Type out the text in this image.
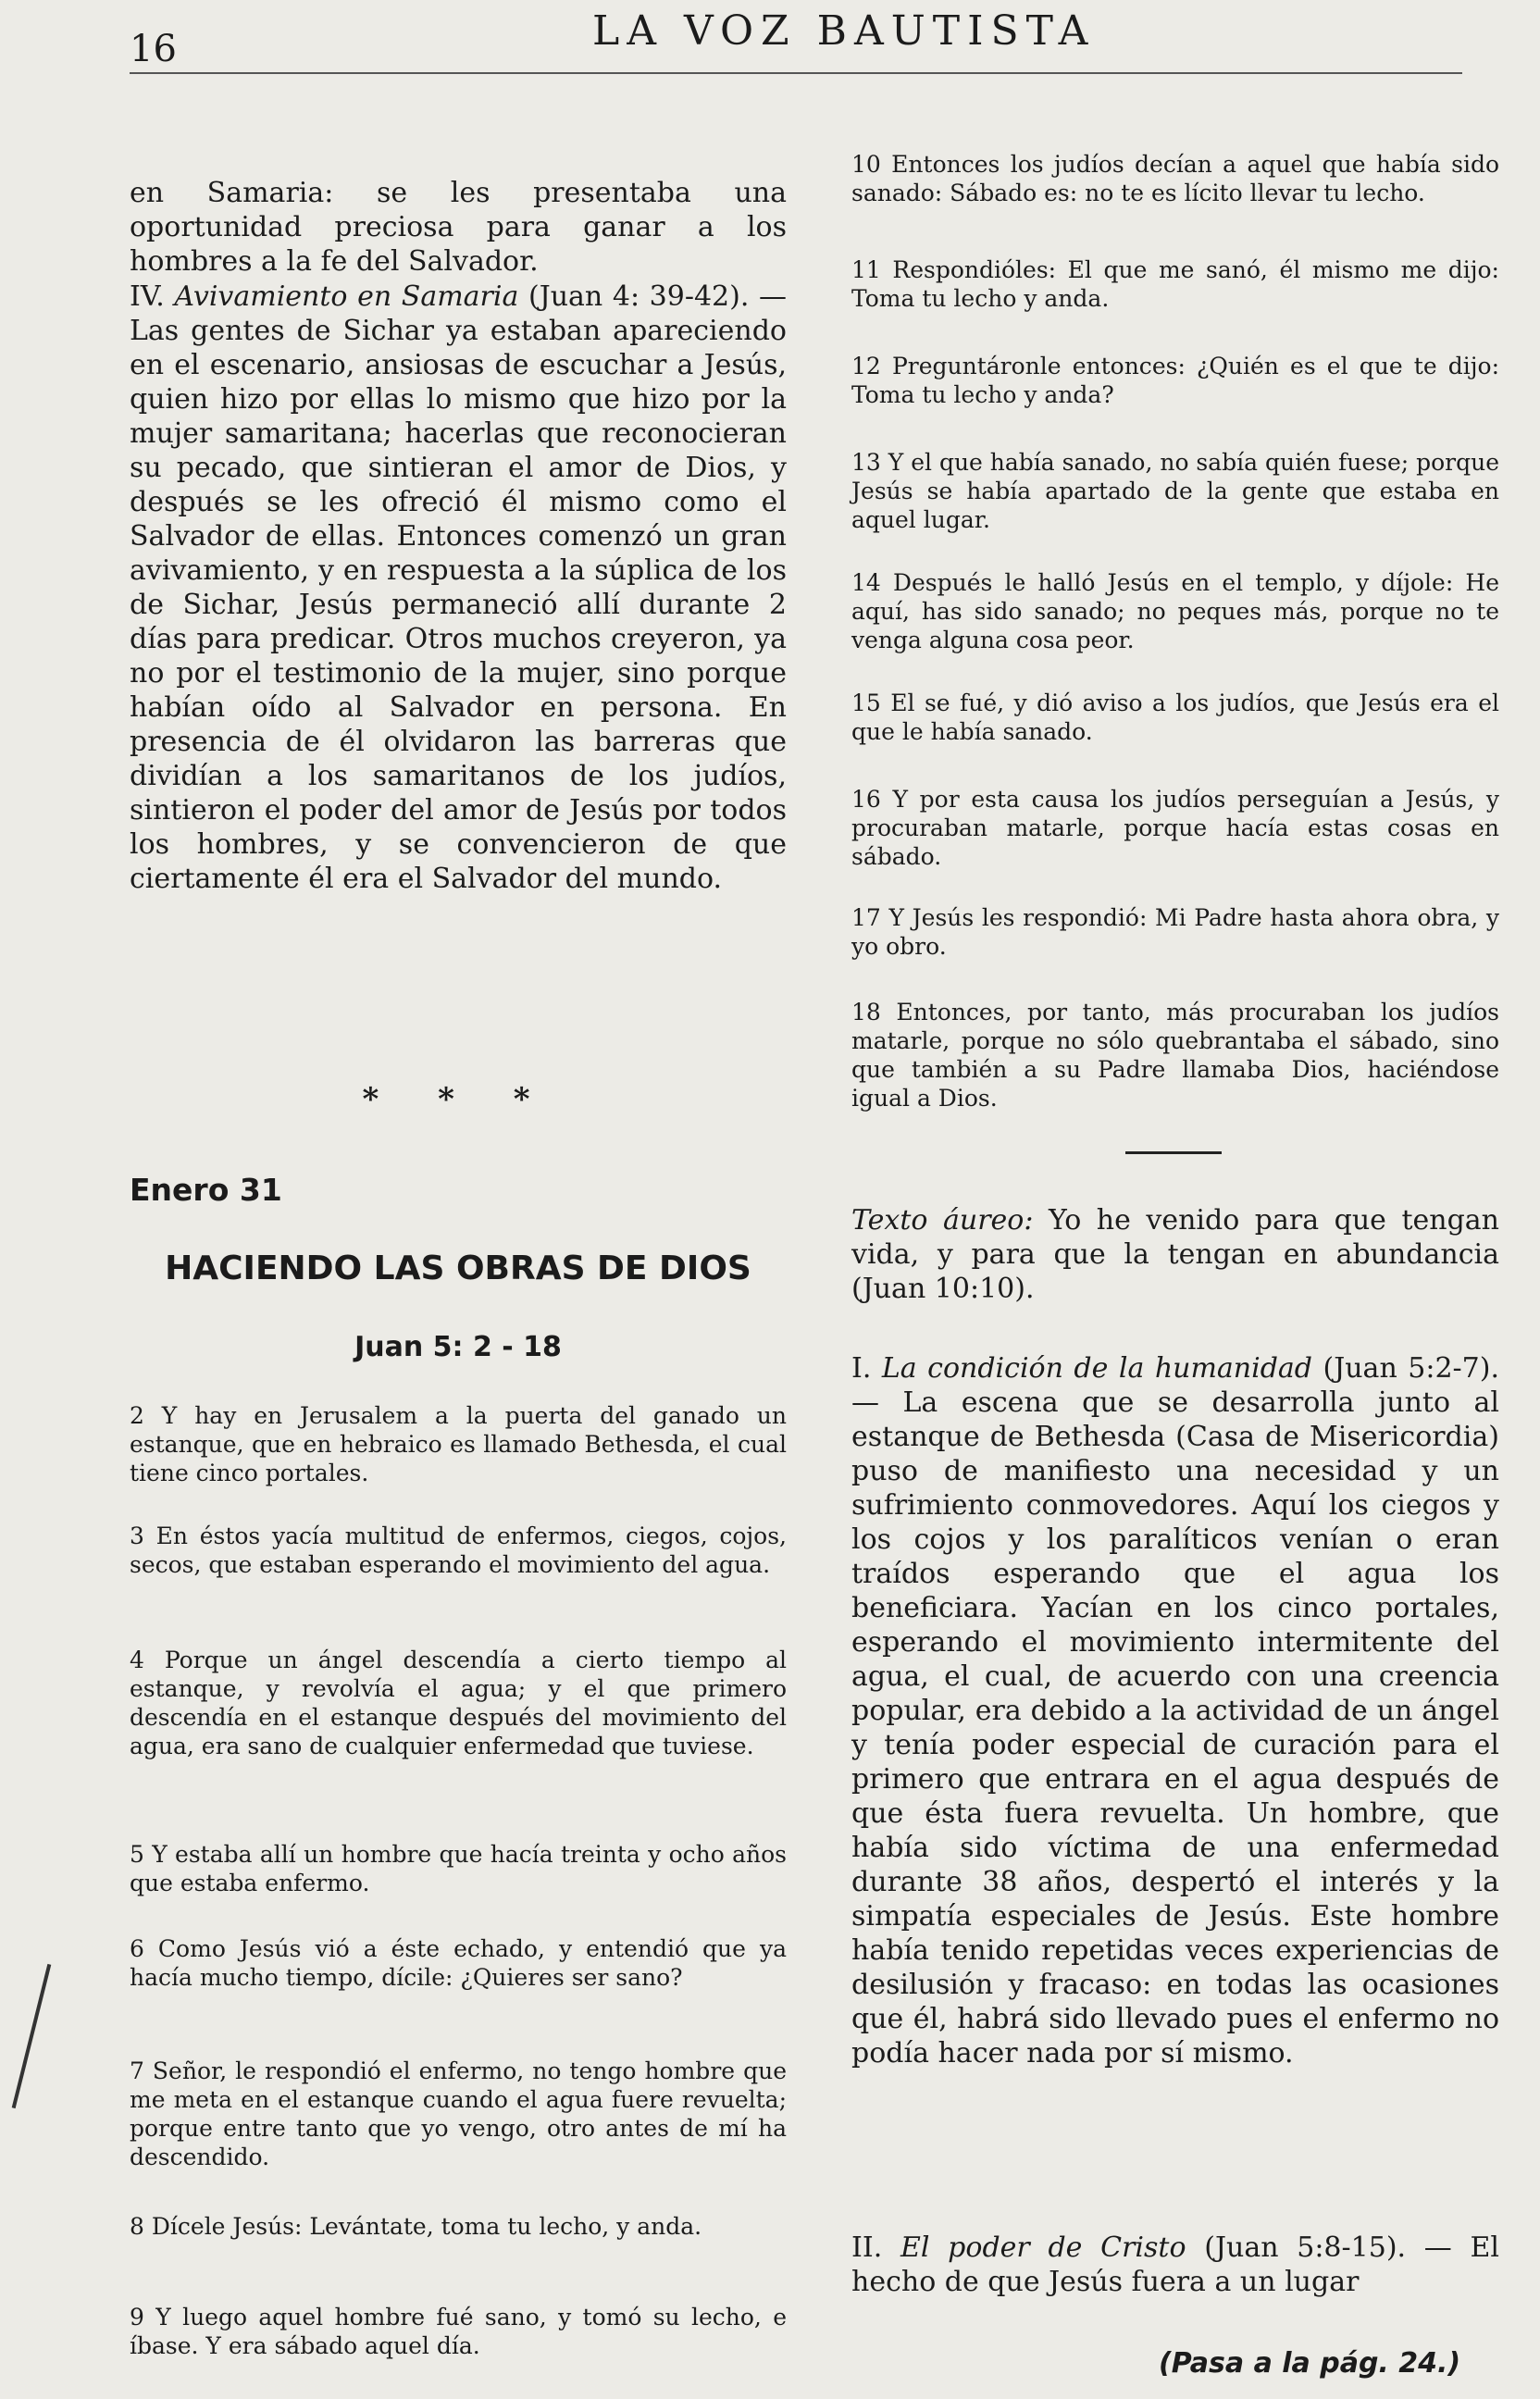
16	LA VOZ BAUTISTA

en Samaria: se les presentaba una oportunidad preciosa para ganar a los hombres a la fe del Salvador.

IV. Avivamiento en Samaria (Juan 4: 39-42). — Las gentes de Sichar ya estaban apareciendo en el escenario, ansiosas de escuchar a Jesús, quien hizo por ellas lo mismo que hizo por la mujer samaritana; hacerlas que reconocieran su pecado, que sintieran el amor de Dios, y después se les ofreció él mismo como el Salvador de ellas. Entonces comenzó un gran avivamiento, y en respuesta a la súplica de los de Sichar, Jesús permaneció allí durante 2 días para predicar. Otros muchos creyeron, ya no por el testimonio de la mujer, sino porque habían oído al Salvador en persona. En presencia de él olvidaron las barreras que dividían a los samaritanos de los judíos, sintieron el poder del amor de Jesús por todos los hombres, y se convencieron de que ciertamente él era el Salvador del mundo.

* * *
Enero 31
HACIENDO LAS OBRAS DE DIOS
Juan 5: 2 - 18

2 Y hay en Jerusalem a la puerta del ganado un estanque, que en hebraico es llamado Bethesda, el cual tiene cinco portales.

3 En éstos yacía multitud de enfermos, ciegos, cojos, secos, que estaban esperando el movimiento del agua.

4 Porque un ángel descendía a cierto tiempo al estanque, y revolvía el agua; y el que primero descendía en el estanque después del movimiento del agua, era sano de cualquier enfermedad que tuviese.

5 Y estaba allí un hombre que hacía treinta y ocho años que estaba enfermo.

6 Como Jesús vió a éste echado, y entendió que ya hacía mucho tiempo, dícile: ¿Quieres ser sano?

7 Señor, le respondió el enfermo, no tengo hombre que me meta en el estanque cuando el agua fuere revuelta; porque entre tanto que yo vengo, otro antes de mí ha descendido.

8 Dícele Jesús: Levántate, toma tu lecho, y anda.

9 Y luego aquel hombre fué sano, y tomó su lecho, e íbase. Y era sábado aquel día.

10 Entonces los judíos decían a aquel que había sido sanado: Sábado es: no te es lícito llevar tu lecho.

11 Respondióles: El que me sanó, él mismo me dijo: Toma tu lecho y anda.

12 Preguntáronle entonces: ¿Quién es el que te dijo: Toma tu lecho y anda?

13 Y el que había sanado, no sabía quién fuese; porque Jesús se había apartado de la gente que estaba en aquel lugar.

14 Después le halló Jesús en el templo, y díjole: He aquí, has sido sanado; no peques más, porque no te venga alguna cosa peor.

15 El se fué, y dió aviso a los judíos, que Jesús era el que le había sanado.

16 Y por esta causa los judíos perseguían a Jesús, y procuraban matarle, porque hacía estas cosas en sábado.

17 Y Jesús les respondió: Mi Padre hasta ahora obra, y yo obro.

18 Entonces, por tanto, más procuraban los judíos matarle, porque no sólo quebrantaba el sábado, sino que también a su Padre llamaba Dios, haciéndose igual a Dios.

Texto áureo: Yo he venido para que tengan vida, y para que la tengan en abundancia (Juan 10:10).

I. La condición de la humanidad (Juan 5:2-7). — La escena que se desarrolla junto al estanque de Bethesda (Casa de Misericordia) puso de manifiesto una necesidad y un sufrimiento conmovedores. Aquí los ciegos y los cojos y los paralíticos venían o eran traídos esperando que el agua los beneficiara. Yacían en los cinco portales, esperando el movimiento intermitente del agua, el cual, de acuerdo con una creencia popular, era debido a la actividad de un ángel y tenía poder especial de curación para el primero que entrara en el agua después de que ésta fuera revuelta. Un hombre, que había sido víctima de una enfermedad durante 38 años, despertó el interés y la simpatía especiales de Jesús. Este hombre había tenido repetidas veces experiencias de desilusión y fracaso: en todas las ocasiones que él, habrá sido llevado pues el enfermo no podía hacer nada por sí mismo.

II. El poder de Cristo (Juan 5:8-15). — El hecho de que Jesús fuera a un lugar

(Pasa a la pág. 24.)
